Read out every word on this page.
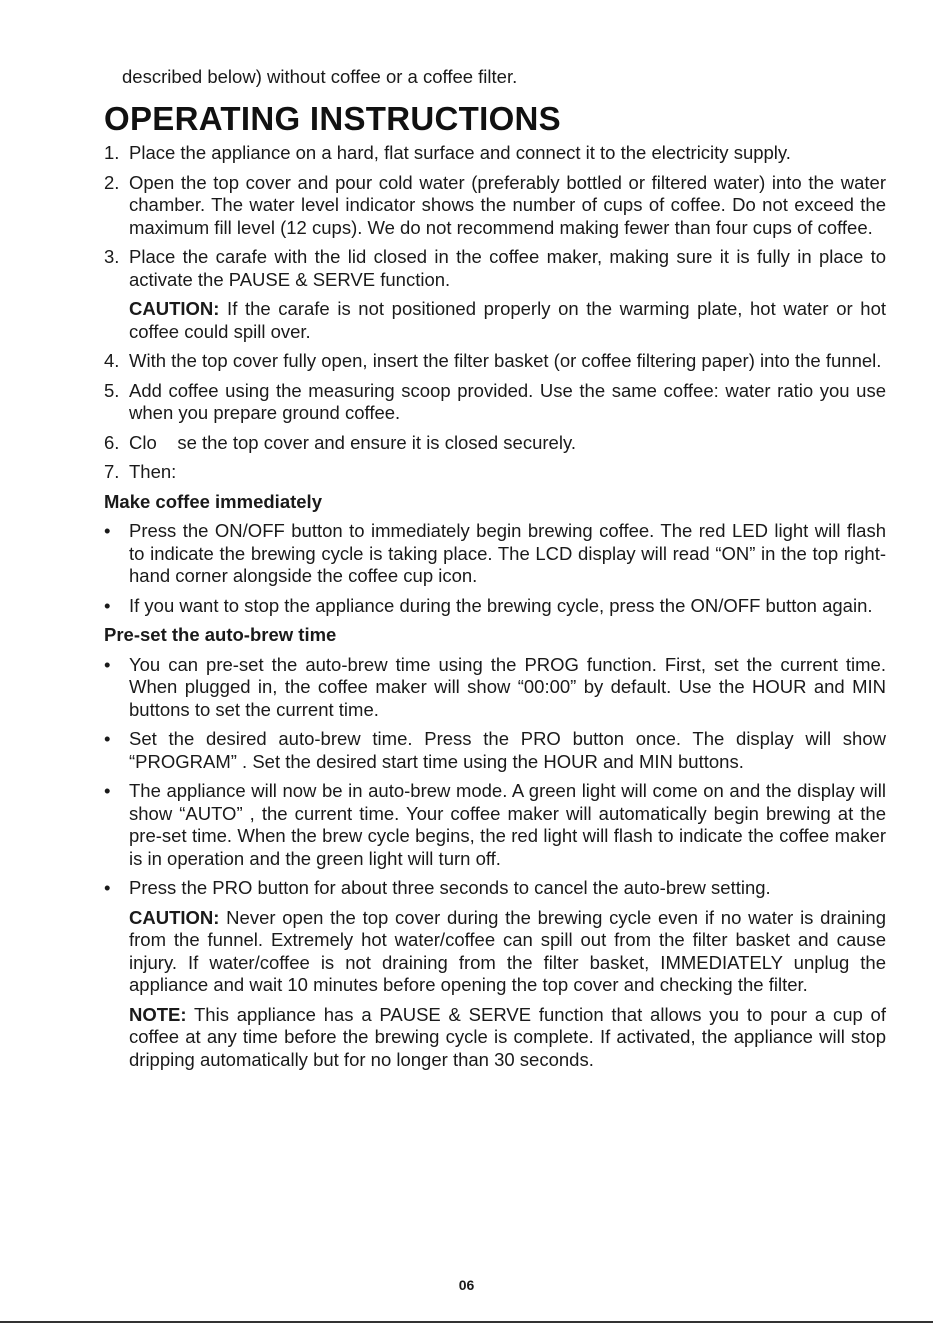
described below) without coffee or a coffee filter.
OPERATING INSTRUCTIONS
1. Place the appliance on a hard, flat surface and connect it to the electricity supply.
2. Open the top cover and pour cold water (preferably bottled or filtered water) into the water chamber. The water level indicator shows the number of cups of coffee. Do not exceed the maximum fill level (12 cups). We do not recommend making fewer than four cups of coffee.
3. Place the carafe with the lid closed in the coffee maker, making sure it is fully in place to activate the PAUSE & SERVE function.
CAUTION: If the carafe is not positioned properly on the warming plate, hot water or hot coffee could spill over.
4. With the top cover fully open, insert the filter basket (or coffee filtering paper) into the funnel.
5. Add coffee using the measuring scoop provided. Use the same coffee: water ratio you use when you prepare ground coffee.
6. Clo    se the top cover and ensure it is closed securely.
7. Then:
Make coffee immediately
• Press the ON/OFF button to immediately begin brewing coffee. The red LED light will flash to indicate the brewing cycle is taking place. The LCD display will read “ON” in the top right-hand corner alongside the coffee cup icon.
• If you want to stop the appliance during the brewing cycle, press the ON/OFF button again.
Pre-set the auto-brew time
• You can pre-set the auto-brew time using the PROG function. First, set the current time. When plugged in, the coffee maker will show “00:00” by default. Use the HOUR and MIN buttons to set the current time.
• Set the desired auto-brew time. Press the PRO button once. The display will show “PROGRAM” . Set the desired start time using the HOUR and MIN buttons.
• The appliance will now be in auto-brew mode. A green light will come on and the display will show “AUTO” , the current time. Your coffee maker will automatically begin brewing at the pre-set time. When the brew cycle begins, the red light will flash to indicate the coffee maker is in operation and the green light will turn off.
• Press the PRO button for about three seconds to cancel the auto-brew setting.
CAUTION: Never open the top cover during the brewing cycle even if no water is draining from the funnel. Extremely hot water/coffee can spill out from the filter basket and cause injury. If water/coffee is not draining from the filter basket, IMMEDIATELY unplug the appliance and wait 10 minutes before opening the top cover and checking the filter.
NOTE: This appliance has a PAUSE & SERVE function that allows you to pour a cup of coffee at any time before the brewing cycle is complete. If activated, the appliance will stop dripping automatically but for no longer than 30 seconds.
06
